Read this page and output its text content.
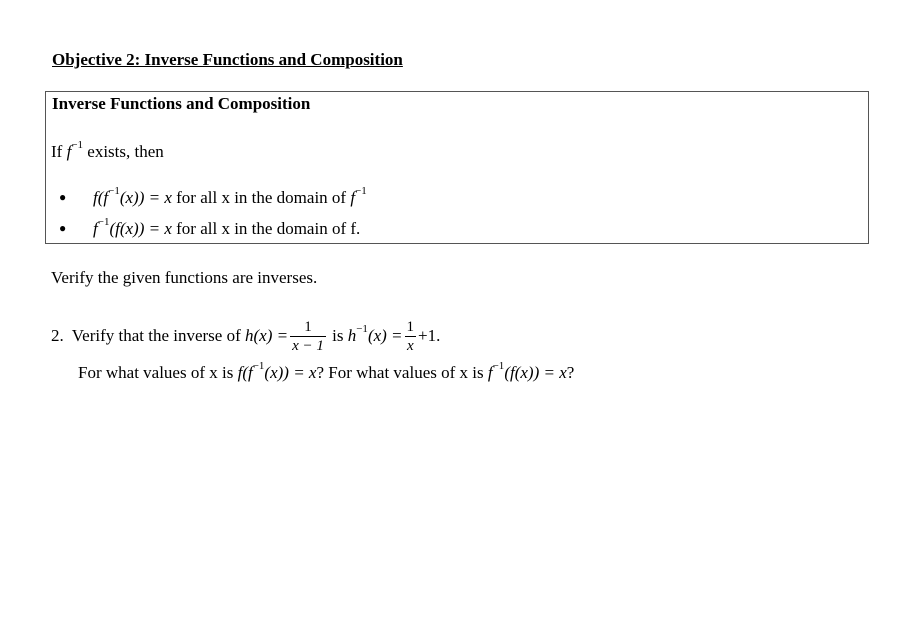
Objective 2: Inverse Functions and Composition
Inverse Functions and Composition
If $f^{-1}$ exists, then
● $f(f^{-1}(x)) = x$ for all x in the domain of $f^{-1}$
● $f^{-1}(f(x)) = x$ for all x in the domain of f.
Verify the given functions are inverses.
2. Verify that the inverse of $h(x) = \frac{1}{x - 1}$ is $h^{-1}(x) = \frac{1}{x} +1$.
For what values of x is $f(f^{-1}(x)) = x$? For what values of x is $f^{-1}(f(x)) = x$?
